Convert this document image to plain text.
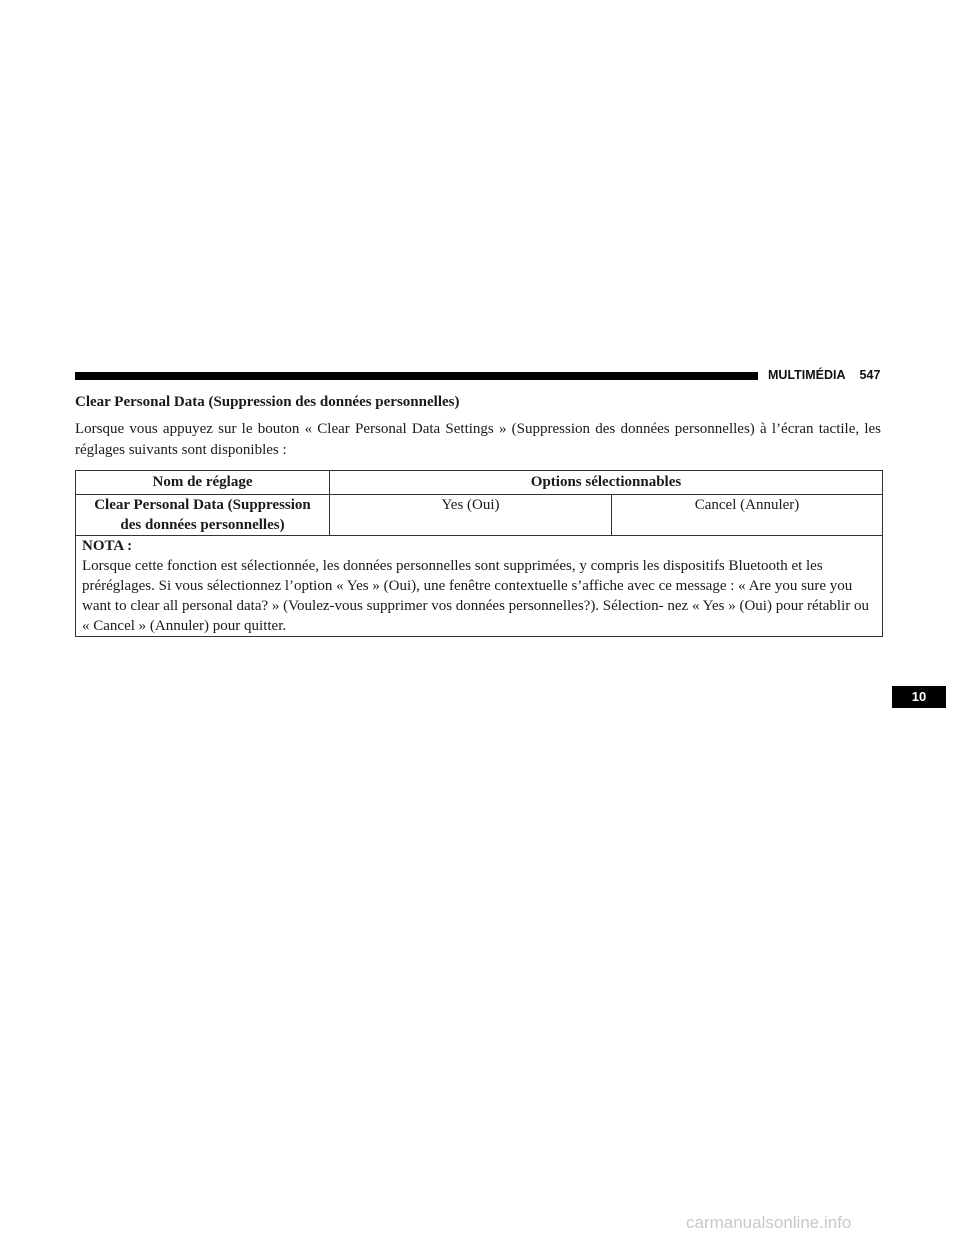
MULTIMÉDIA 547
Clear Personal Data (Suppression des données personnelles)
Lorsque vous appuyez sur le bouton « Clear Personal Data Settings » (Suppression des données personnelles) à l’écran tactile, les réglages suivants sont disponibles :
Nom de réglage	Options sélectionnables	
Clear Personal Data (Suppression des données personnelles)	Yes (Oui)	Cancel (Annuler)

NOTA :
Lorsque cette fonction est sélectionnée, les données personnelles sont supprimées, y compris les dispositifs Bluetooth et les préréglages. Si vous sélectionnez l’option « Yes » (Oui), une fenêtre contextuelle s’affiche avec ce message : « Are you sure you want to clear all personal data? » (Voulez-vous supprimer vos données personnelles?). Sélection- nez « Yes » (Oui) pour rétablir ou « Cancel » (Annuler) pour quitter.		
10
carmanualsonline.info
